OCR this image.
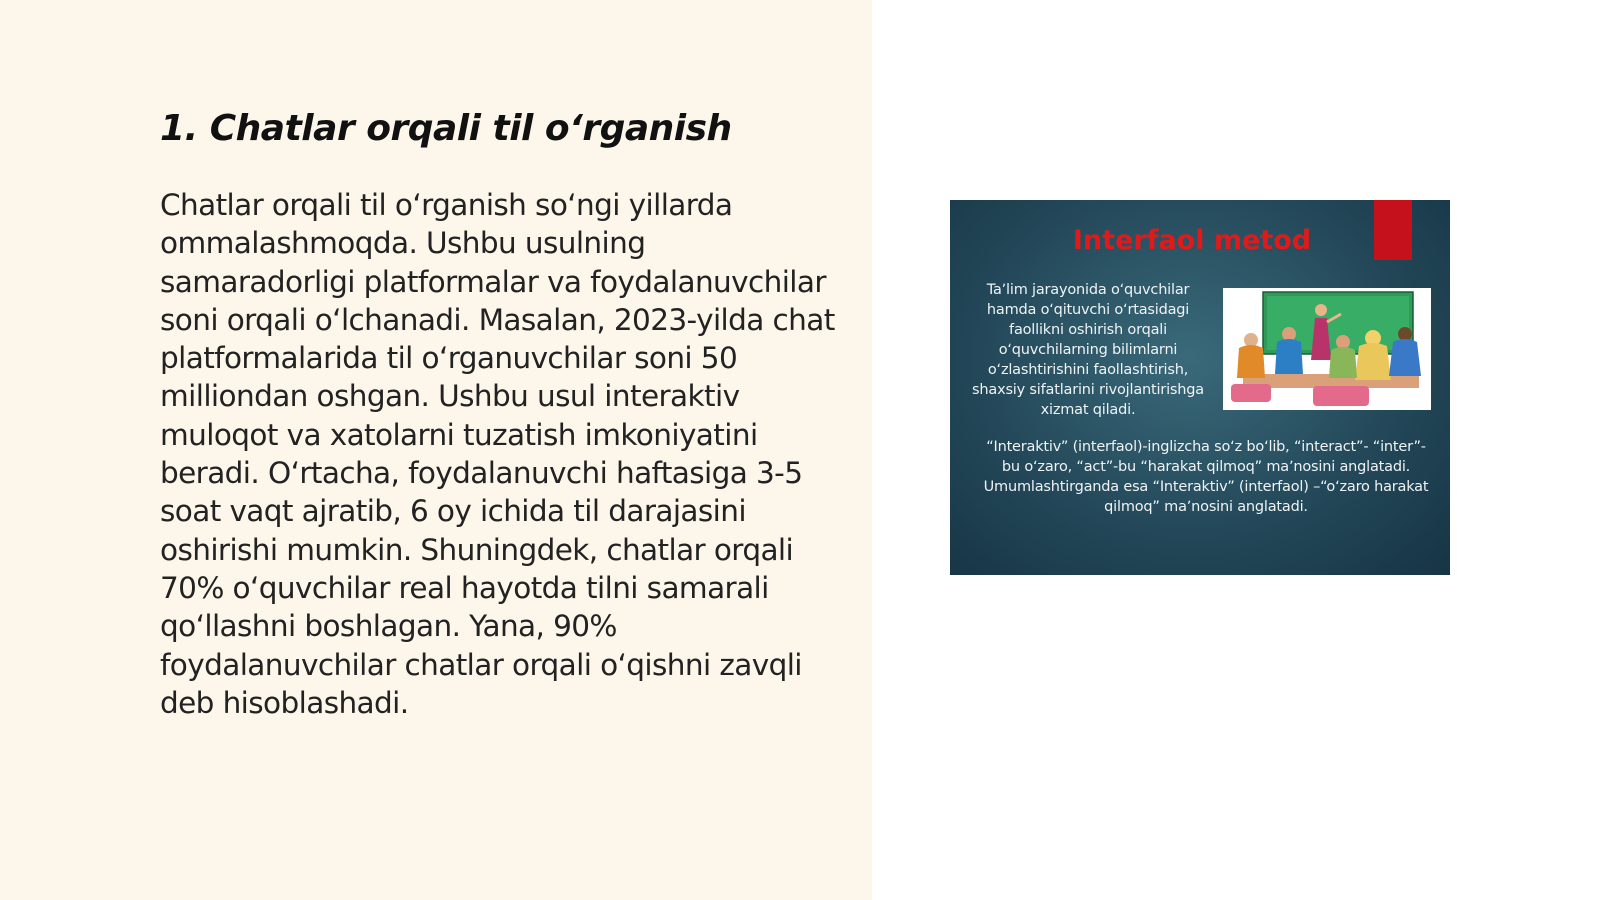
1. Chatlar orqali til oʻrganish

Chatlar orqali til oʻrganish soʻngi yillarda ommalashmoqda. Ushbu usulning samaradorligi platformalar va foydalanuvchilar soni orqali oʻlchanadi. Masalan, 2023-yilda chat platformalarida til oʻrganuvchilar soni 50 milliondan oshgan. Ushbu usul interaktiv muloqot va xatolarni tuzatish imkoniyatini beradi. Oʻrtacha, foydalanuvchi haftasiga 3-5 soat vaqt ajratib, 6 oy ichida til darajasini oshirishi mumkin. Shuningdek, chatlar orqali 70% oʻquvchilar real hayotda tilni samarali qoʻllashni boshlagan. Yana, 90% foydalanuvchilar chatlar orqali oʻqishni zavqli deb hisoblashadi.

Interfaol metod
Taʼlim jarayonida oʻquvchilar hamda oʻqituvchi oʻrtasidagi faollikni oshirish orqali oʻquvchilarning bilimlarni oʻzlashtirishini faollashtirish, shaxsiy sifatlarini rivojlantirishga xizmat qiladi.
“Interaktiv” (interfaol)-inglizcha soʻz boʻlib, “interact”- “inter”-bu oʻzaro, “act”-bu “harakat qilmoq” maʼnosini anglatadi. Umumlashtirganda esa “Interaktiv” (interfaol) –“oʻzaro harakat qilmoq” maʼnosini anglatadi.
